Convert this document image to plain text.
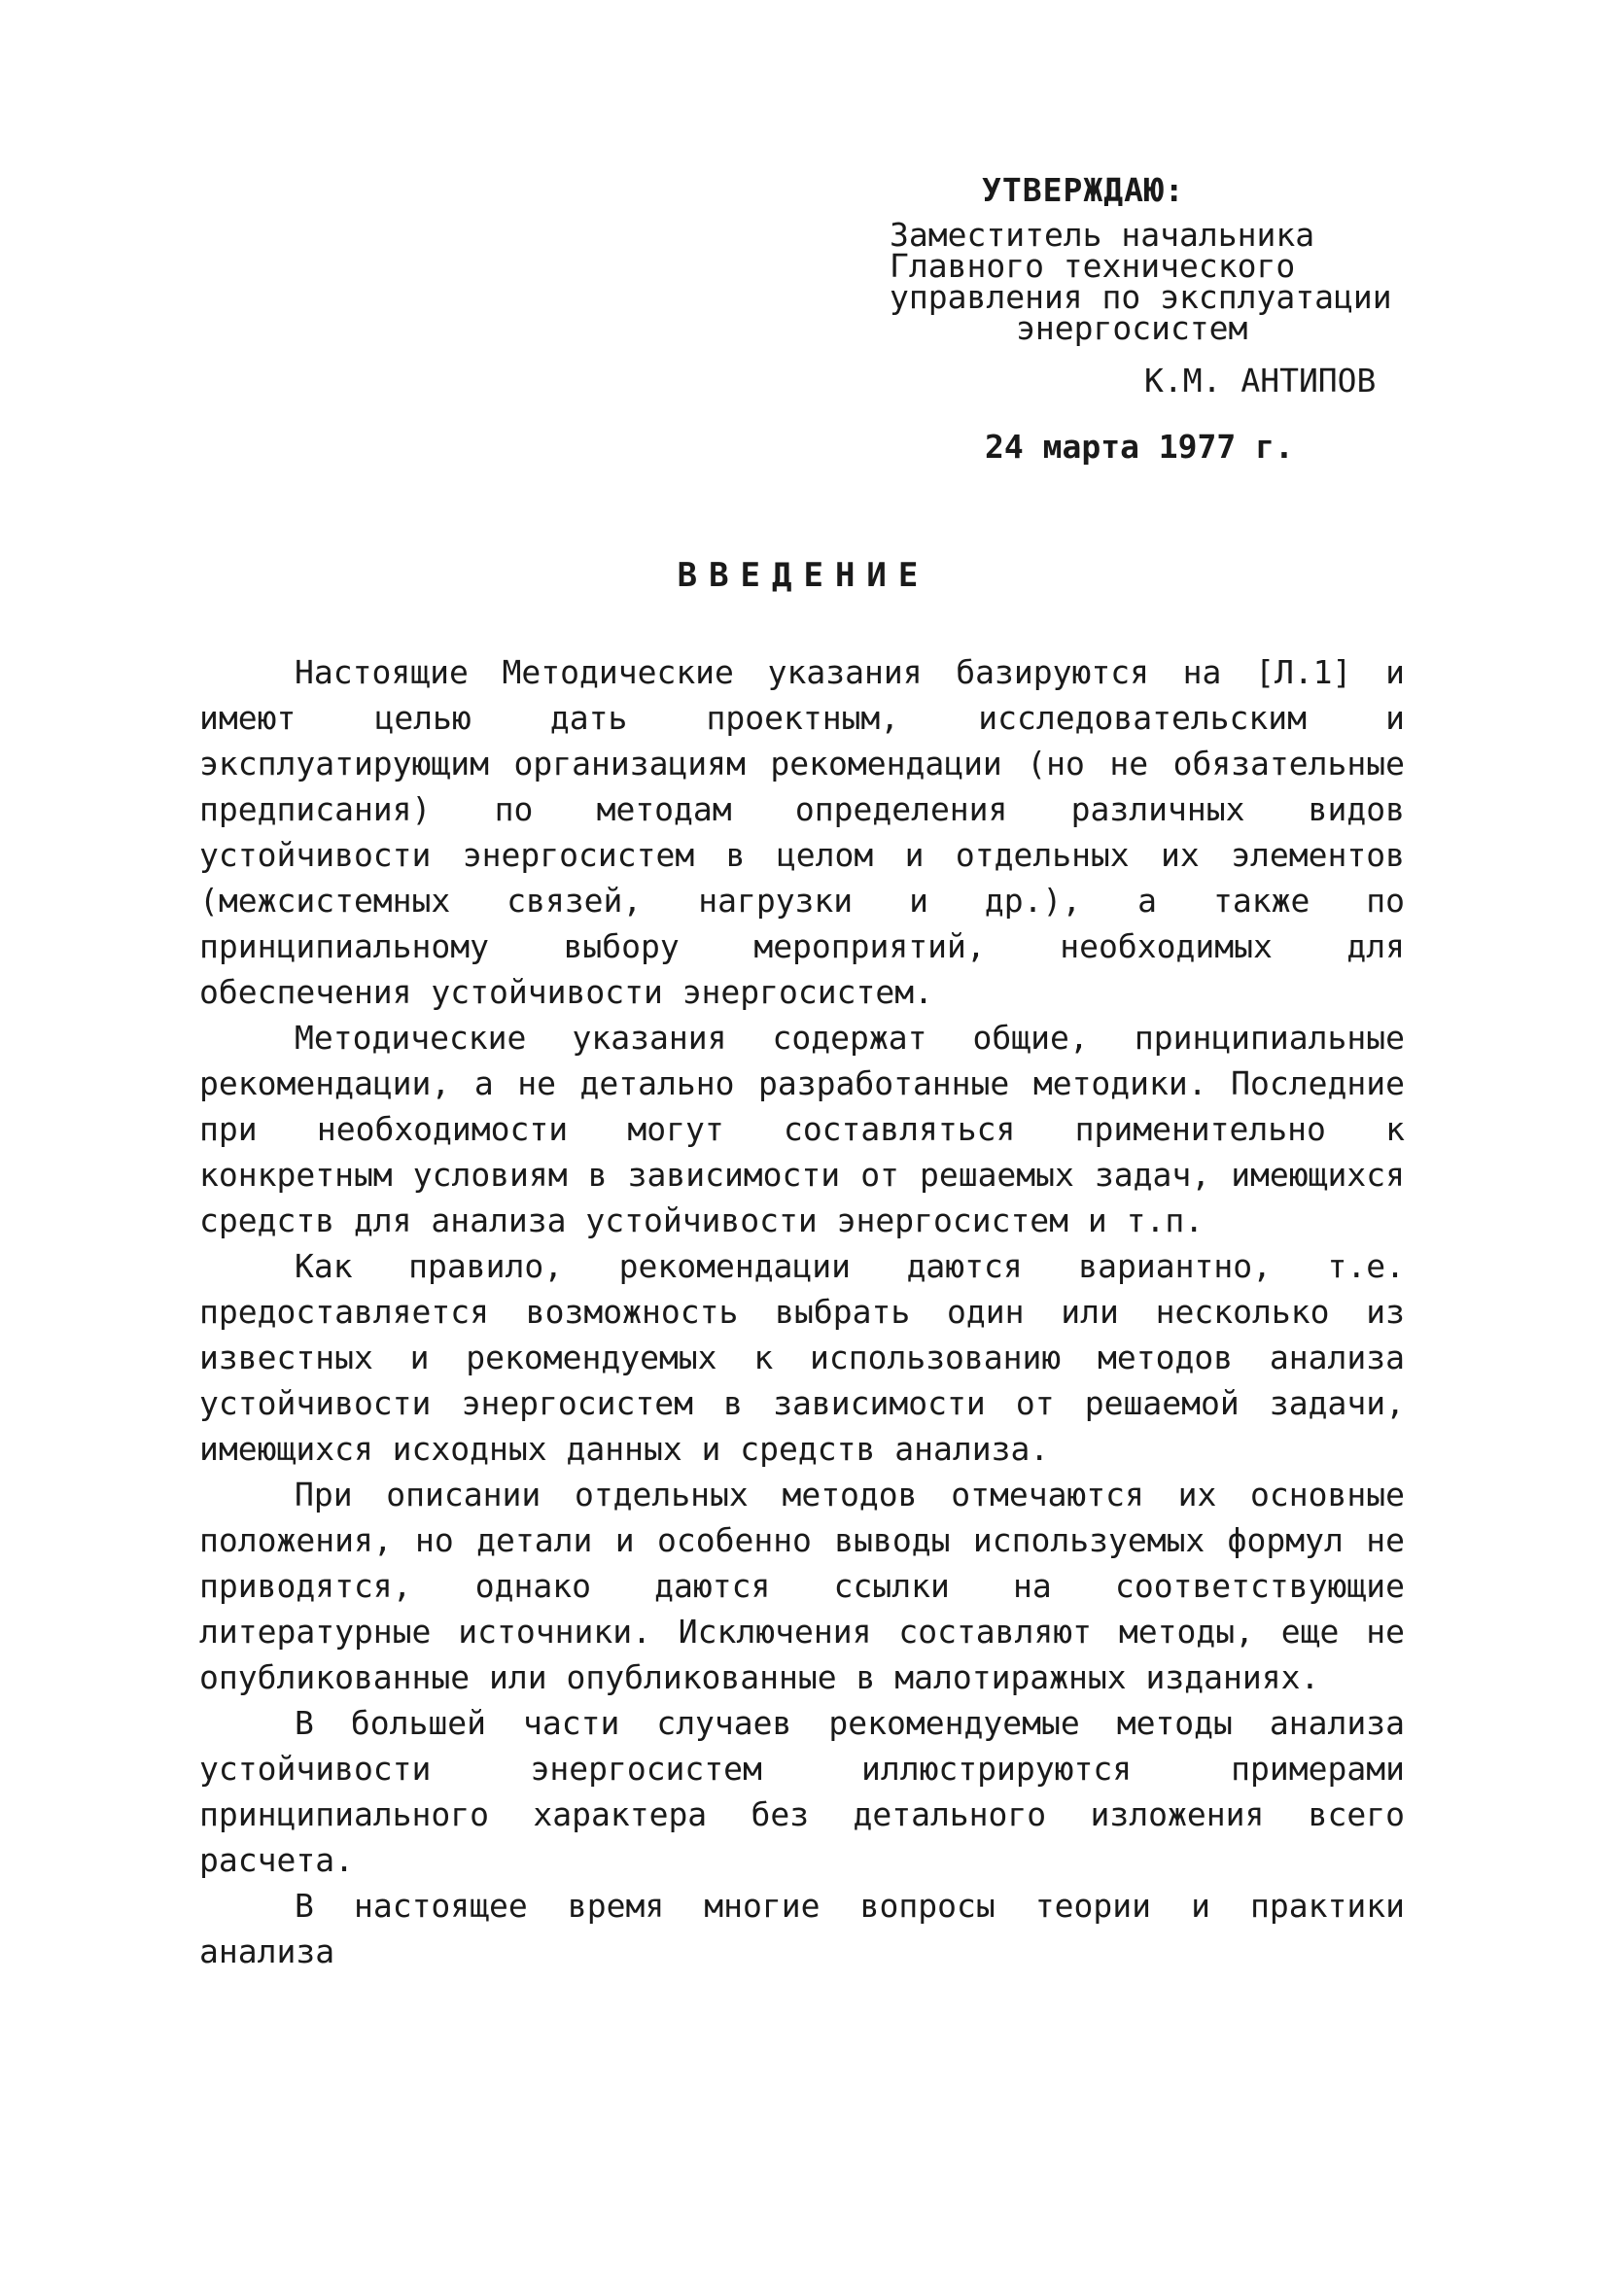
УТВЕРЖДАЮ:
Заместитель начальника
Главного технического
управления по эксплуатации
энергосистем
К.М. АНТИПОВ
24 марта 1977 г.
ВВЕДЕНИЕ

Настоящие Методические указания базируются на [Л.1] и имеют целью дать проектным, исследовательским и эксплуатирующим организациям рекомендации (но не обязательные предписания) по методам определения различных видов устойчивости энергосистем в целом и отдельных их элементов (межсистемных связей, нагрузки и др.), а также по принципиальному выбору мероприятий, необходимых для обеспечения устойчивости энергосистем.

Методические указания содержат общие, принципиальные рекомендации, а не детально разработанные методики. Последние при необходимости могут составляться применительно к конкретным условиям в зависимости от решаемых задач, имеющихся средств для анализа устойчивости энергосистем и т.п.

Как правило, рекомендации даются вариантно, т.е. предоставляется возможность выбрать один или несколько из известных и рекомендуемых к использованию методов анализа устойчивости энергосистем в зависимости от решаемой задачи, имеющихся исходных данных и средств анализа.

При описании отдельных методов отмечаются их основные положения, но детали и особенно выводы используемых формул не приводятся, однако даются ссылки на соответствующие литературные источники. Исключения составляют методы, еще не опубликованные или опубликованные в малотиражных изданиях.

В большей части случаев рекомендуемые методы анализа устойчивости энергосистем иллюстрируются примерами принципиального характера без детального изложения всего расчета.

В настоящее время многие вопросы теории и практики анализа
